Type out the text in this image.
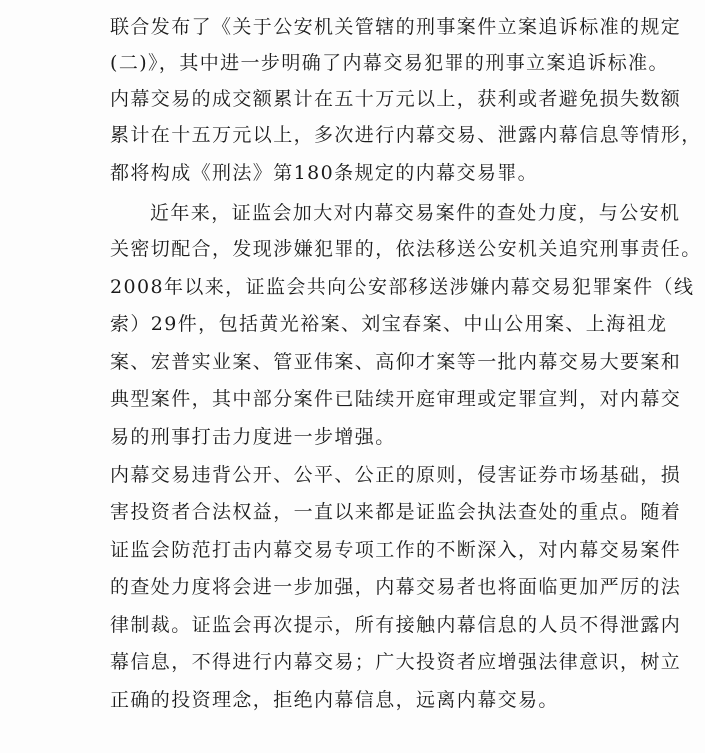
联合发布了《关于公安机关管辖的刑事案件立案追诉标准的规定
(二)》，其中进一步明确了内幕交易犯罪的刑事立案追诉标准。
内幕交易的成交额累计在五十万元以上，获利或者避免损失数额
累计在十五万元以上，多次进行内幕交易、泄露内幕信息等情形，
都将构成《刑法》第180条规定的内幕交易罪。
近年来，证监会加大对内幕交易案件的查处力度，与公安机
关密切配合，发现涉嫌犯罪的，依法移送公安机关追究刑事责任。
2008年以来，证监会共向公安部移送涉嫌内幕交易犯罪案件（线
索）29件，包括黄光裕案、刘宝春案、中山公用案、上海祖龙
案、宏普实业案、管亚伟案、高仰才案等一批内幕交易大要案和
典型案件，其中部分案件已陆续开庭审理或定罪宣判，对内幕交
易的刑事打击力度进一步增强。
内幕交易违背公开、公平、公正的原则，侵害证券市场基础，损
害投资者合法权益，一直以来都是证监会执法查处的重点。随着
证监会防范打击内幕交易专项工作的不断深入，对内幕交易案件
的查处力度将会进一步加强，内幕交易者也将面临更加严厉的法
律制裁。证监会再次提示，所有接触内幕信息的人员不得泄露内
幕信息，不得进行内幕交易；广大投资者应增强法律意识，树立
正确的投资理念，拒绝内幕信息，远离内幕交易。
